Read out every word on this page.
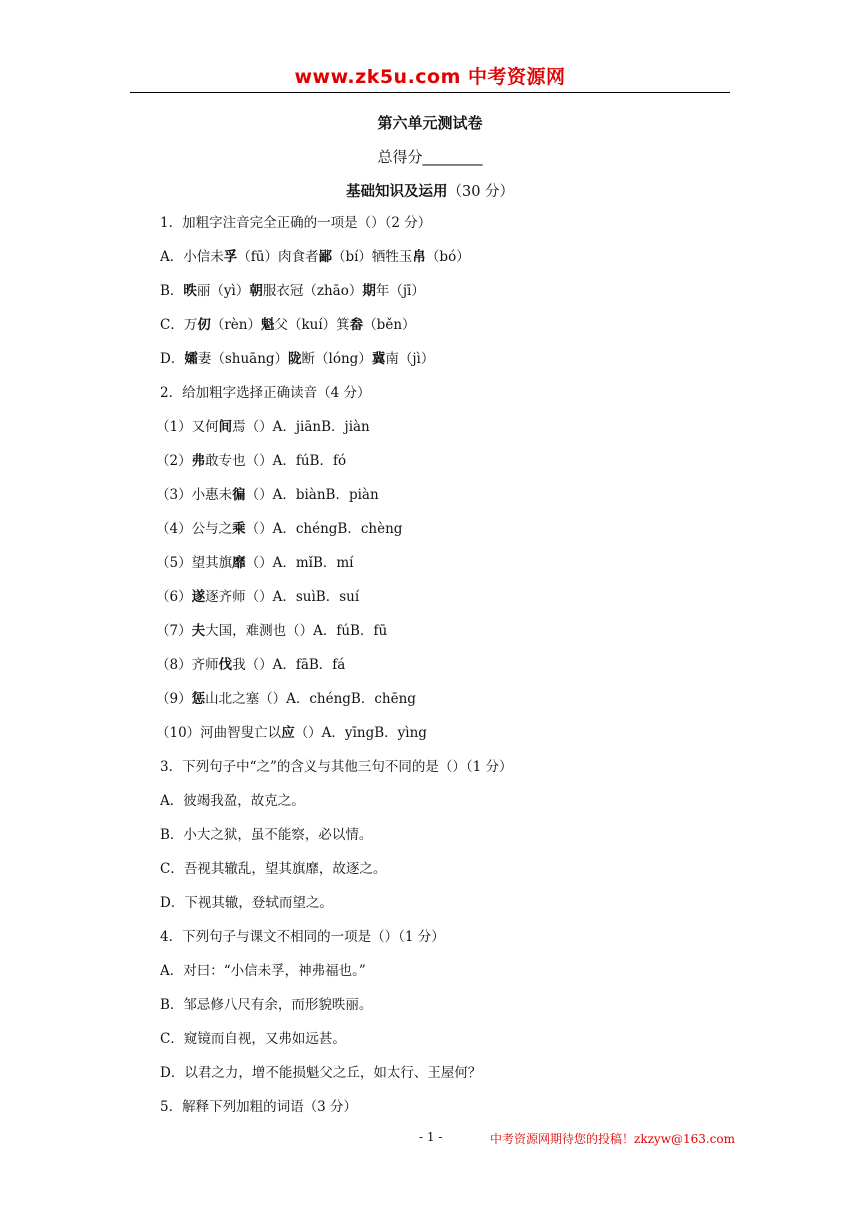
www.zk5u.com 中考资源网
第六单元测试卷
总得分________
基础知识及运用（30 分）
1．加粗字注音完全正确的一项是（）（2 分）
A．小信未孚（fū）肉食者鄙（bí）牺牲玉帛（bó）
B．昳丽（yì）朝服衣冠（zhāo）期年（jī）
C．万仞（rèn）魁父（kuí）箕畚（běn）
D．孀妻（shuāng）陇断（lóng）冀南（jì）
2．给加粗字选择正确读音（4 分）
（1）又何间焉（）A．jiānB．jiàn
（2）弗敢专也（）A．fúB．fó
（3）小惠未徧（）A．biànB．piàn
（4）公与之乘（）A．chéngB．chèng
（5）望其旗靡（）A．mǐB．mí
（6）遂逐齐师（）A．suìB．suí
（7）夫大国，难测也（）A．fúB．fū
（8）齐师伐我（）A．fāB．fá
（9）惩山北之塞（）A．chéngB．chēng
（10）河曲智叟亡以应（）A．yīngB．yìng
3．下列句子中“之”的含义与其他三句不同的是（）（1 分）
A．彼竭我盈，故克之。
B．小大之狱，虽不能察，必以情。
C．吾视其辙乱，望其旗靡，故逐之。
D．下视其辙，登轼而望之。
4．下列句子与课文不相同的一项是（）（1 分）
A．对曰：“小信未孚，神弗福也。”
B．邹忌修八尺有余，而形貌昳丽。
C．窥镜而自视，又弗如远甚。
D．以君之力，增不能损魁父之丘，如太行、王屋何？
5．解释下列加粗的词语（3 分）
- 1 -	中考资源网期待您的投稿！zkzyw@163.com
